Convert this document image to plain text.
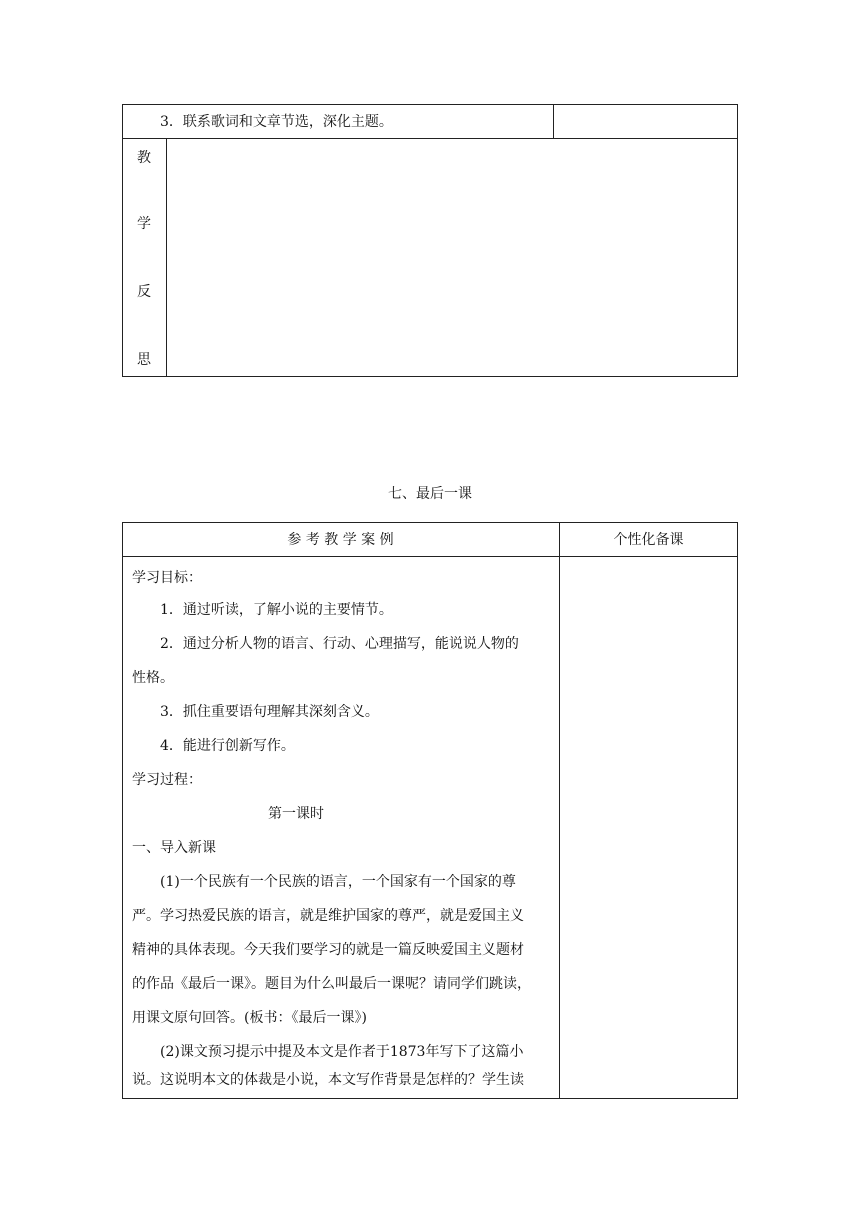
3．联系歌词和文章节选，深化主题。
教
学
反
思
七、最后一课
参 考 教 学 案 例	个性化备课
学习目标：
1．通过听读，了解小说的主要情节。
2．通过分析人物的语言、行动、心理描写，能说说人物的
性格。
3．抓住重要语句理解其深刻含义。
4．能进行创新写作。
学习过程：
第一课时
一、导入新课
(1)一个民族有一个民族的语言，一个国家有一个国家的尊
严。学习热爱民族的语言，就是维护国家的尊严，就是爱国主义
精神的具体表现。今天我们要学习的就是一篇反映爱国主义题材
的作品《最后一课》。题目为什么叫最后一课呢？请同学们跳读，
用课文原句回答。(板书：《最后一课》)
(2)课文预习提示中提及本文是作者于1873年写下了这篇小
说。这说明本文的体裁是小说，本文写作背景是怎样的？学生读
